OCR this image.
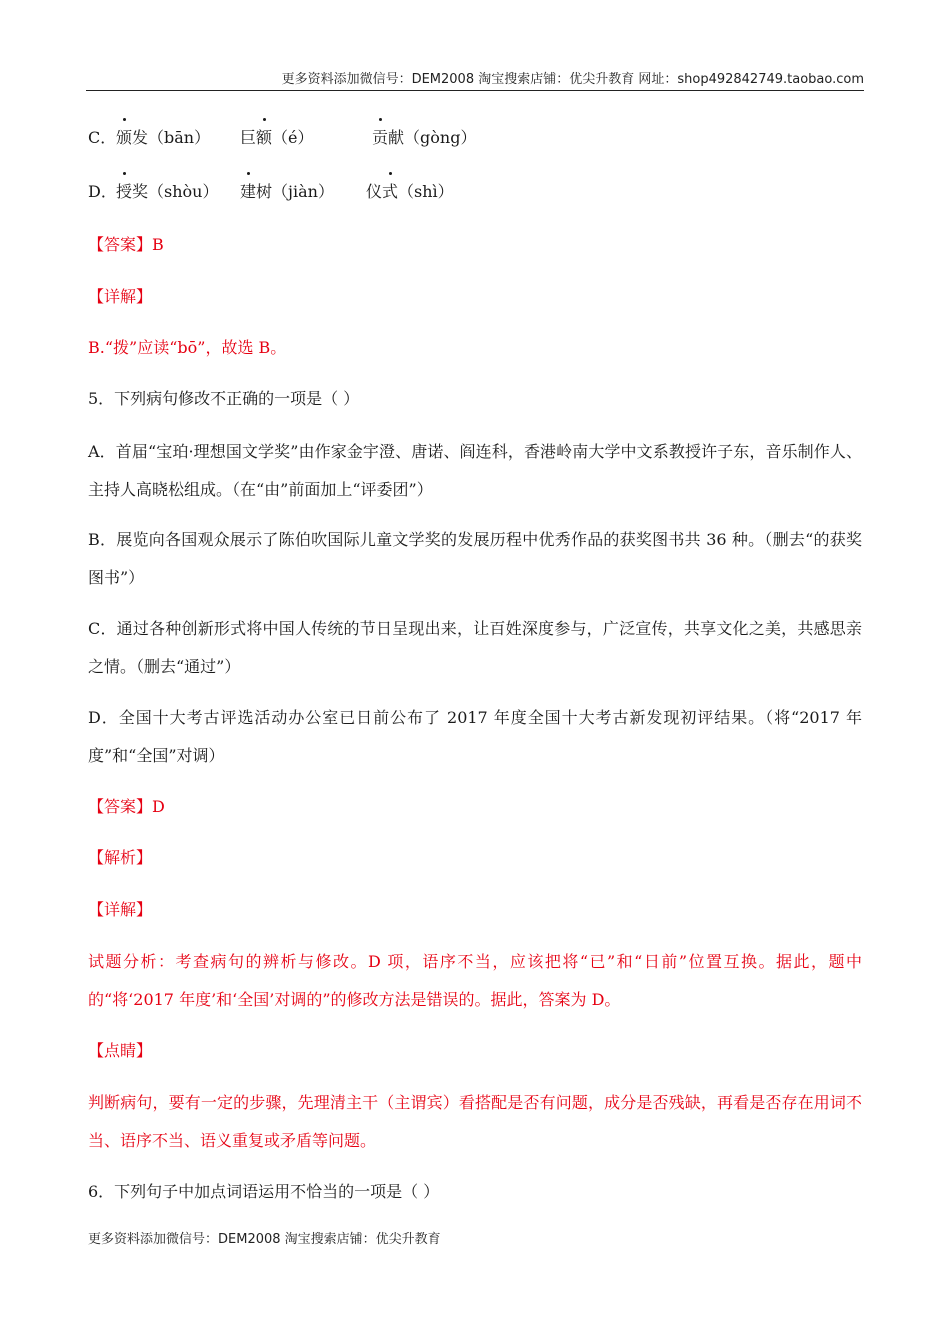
更多资料添加微信号：DEM2008 淘宝搜索店铺：优尖升教育 网址：shop492842749.taobao.com
C． 颁发（bān） 巨额（é）	贡献（gòng）
D． 授奖（shòu） 建树（jiàn） 仪式（shì）
【答案】B
【详解】
B.“拨”应读“bō”，故选 B。
5．下列病句修改不正确的一项是（ ）
A．首届“宝珀·理想国文学奖”由作家金宇澄、唐诺、阎连科，香港岭南大学中文系教授许子东，音乐制作人、主持人高晓松组成。（在“由”前面加上“评委团”）
B．展览向各国观众展示了陈伯吹国际儿童文学奖的发展历程中优秀作品的获奖图书共 36 种。（删去“的获奖图书”）
C．通过各种创新形式将中国人传统的节日呈现出来，让百姓深度参与，广泛宣传，共享文化之美，共感思亲之情。（删去“通过”）
D．全国十大考古评选活动办公室已日前公布了 2017 年度全国十大考古新发现初评结果。（将“2017 年度”和“全国”对调）
【答案】D
【解析】
【详解】
试题分析：考查病句的辨析与修改。D 项，语序不当，应该把将“已”和“日前”位置互换。据此，题中的“将‘2017 年度’和‘全国’对调的”的修改方法是错误的。据此，答案为 D。
【点睛】
判断病句，要有一定的步骤，先理清主干（主谓宾）看搭配是否有问题，成分是否残缺，再看是否存在用词不当、语序不当、语义重复或矛盾等问题。
6．下列句子中加点词语运用不恰当的一项是（ ）
更多资料添加微信号：DEM2008 淘宝搜索店铺：优尖升教育
